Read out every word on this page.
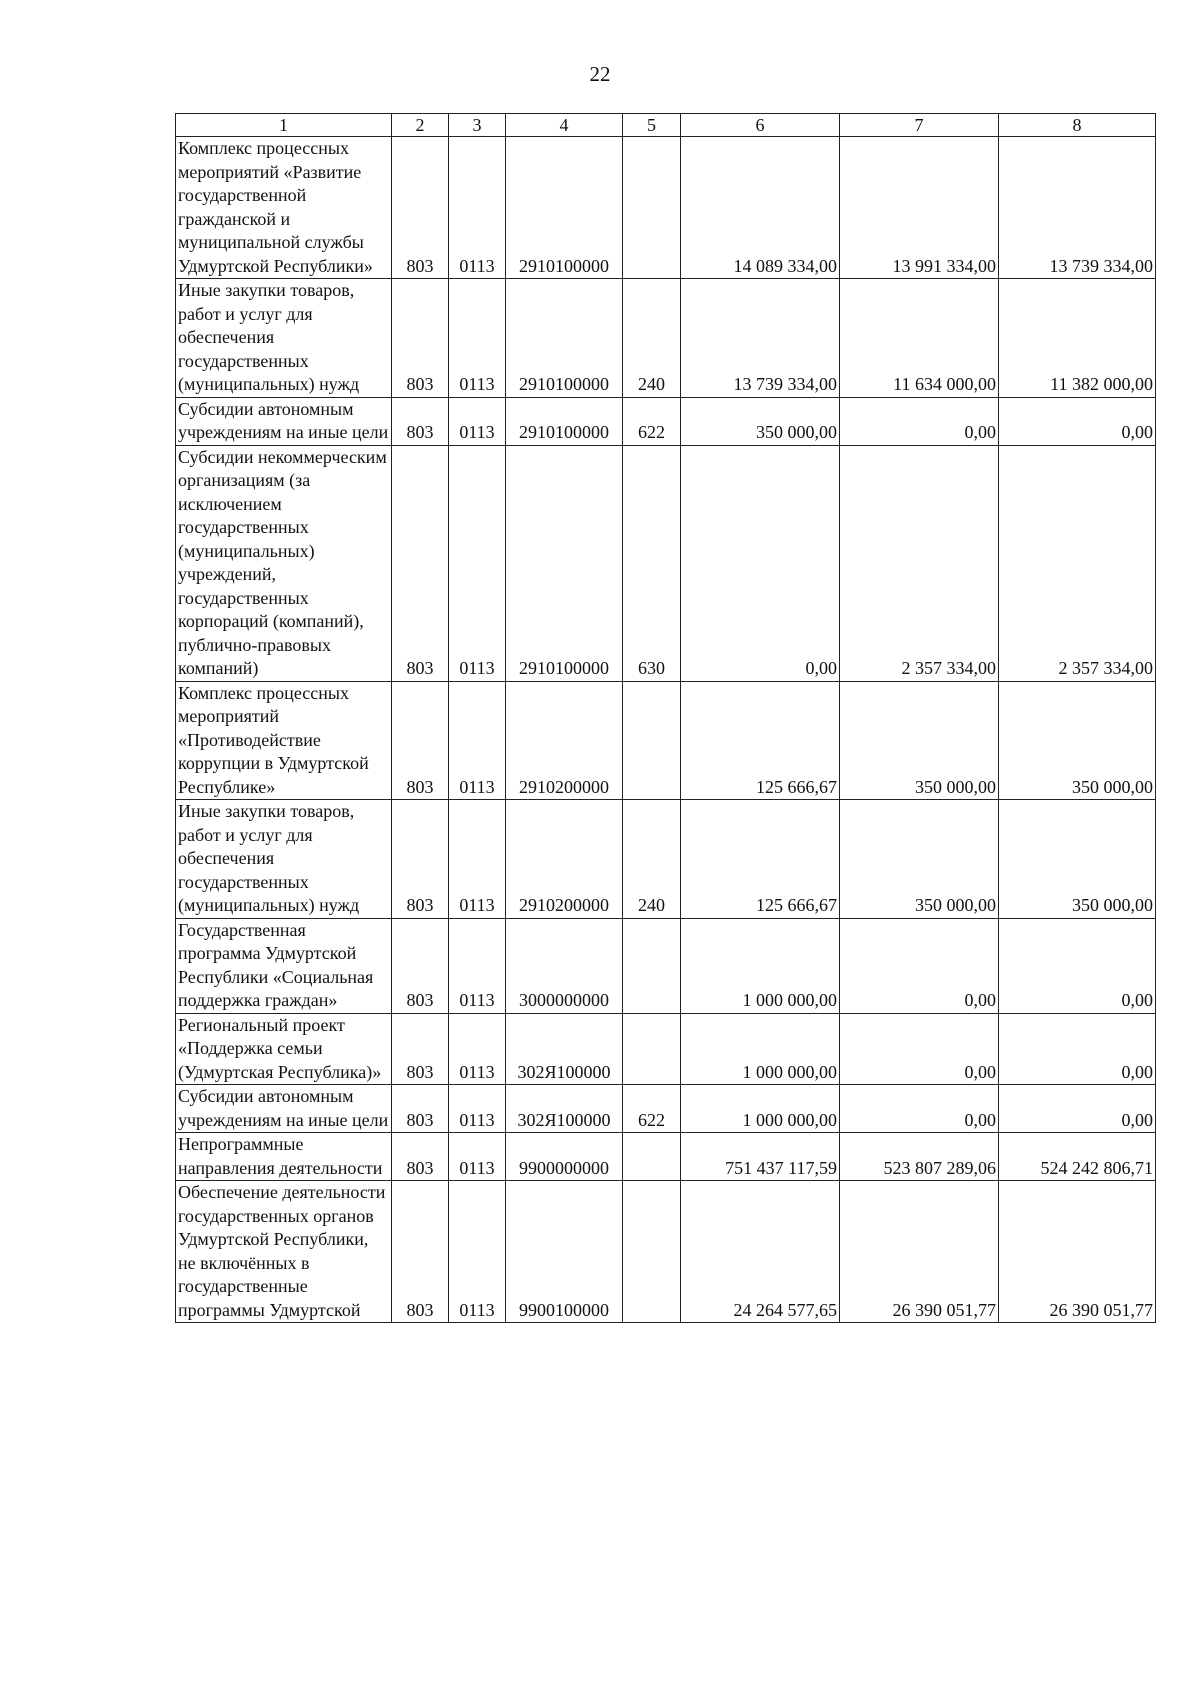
22
1	2	3	4	5	6	7	8
Комплекс процессных мероприятий «Развитие государственной гражданской и муниципальной службы Удмуртской Республики»	803	0113	2910100000		14 089 334,00	13 991 334,00	13 739 334,00
Иные закупки товаров, работ и услуг для обеспечения государственных (муниципальных) нужд	803	0113	2910100000	240	13 739 334,00	11 634 000,00	11 382 000,00
Субсидии автономным учреждениям на иные цели	803	0113	2910100000	622	350 000,00	0,00	0,00
Субсидии некоммерческим организациям (за исключением государственных (муниципальных) учреждений, государственных корпораций (компаний), публично-правовых компаний)	803	0113	2910100000	630	0,00	2 357 334,00	2 357 334,00
Комплекс процессных мероприятий «Противодействие коррупции в Удмуртской Республике»	803	0113	2910200000		125 666,67	350 000,00	350 000,00
Иные закупки товаров, работ и услуг для обеспечения государственных (муниципальных) нужд	803	0113	2910200000	240	125 666,67	350 000,00	350 000,00
Государственная программа Удмуртской Республики «Социальная поддержка граждан»	803	0113	3000000000		1 000 000,00	0,00	0,00
Региональный проект «Поддержка семьи (Удмуртская Республика)»	803	0113	302Я100000		1 000 000,00	0,00	0,00
Субсидии автономным учреждениям на иные цели	803	0113	302Я100000	622	1 000 000,00	0,00	0,00
Непрограммные направления деятельности	803	0113	9900000000		751 437 117,59	523 807 289,06	524 242 806,71
Обеспечение деятельности государственных органов Удмуртской Республики, не включённых в государственные программы Удмуртской	803	0113	9900100000		24 264 577,65	26 390 051,77	26 390 051,77
